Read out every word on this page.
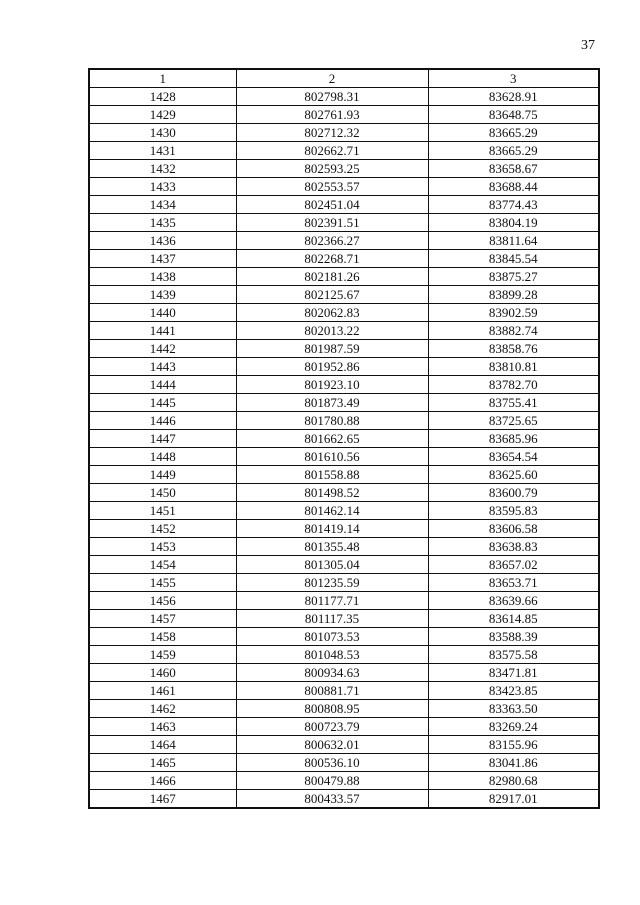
37
1	2	3
1428	802798.31	83628.91
1429	802761.93	83648.75
1430	802712.32	83665.29
1431	802662.71	83665.29
1432	802593.25	83658.67
1433	802553.57	83688.44
1434	802451.04	83774.43
1435	802391.51	83804.19
1436	802366.27	83811.64
1437	802268.71	83845.54
1438	802181.26	83875.27
1439	802125.67	83899.28
1440	802062.83	83902.59
1441	802013.22	83882.74
1442	801987.59	83858.76
1443	801952.86	83810.81
1444	801923.10	83782.70
1445	801873.49	83755.41
1446	801780.88	83725.65
1447	801662.65	83685.96
1448	801610.56	83654.54
1449	801558.88	83625.60
1450	801498.52	83600.79
1451	801462.14	83595.83
1452	801419.14	83606.58
1453	801355.48	83638.83
1454	801305.04	83657.02
1455	801235.59	83653.71
1456	801177.71	83639.66
1457	801117.35	83614.85
1458	801073.53	83588.39
1459	801048.53	83575.58
1460	800934.63	83471.81
1461	800881.71	83423.85
1462	800808.95	83363.50
1463	800723.79	83269.24
1464	800632.01	83155.96
1465	800536.10	83041.86
1466	800479.88	82980.68
1467	800433.57	82917.01
